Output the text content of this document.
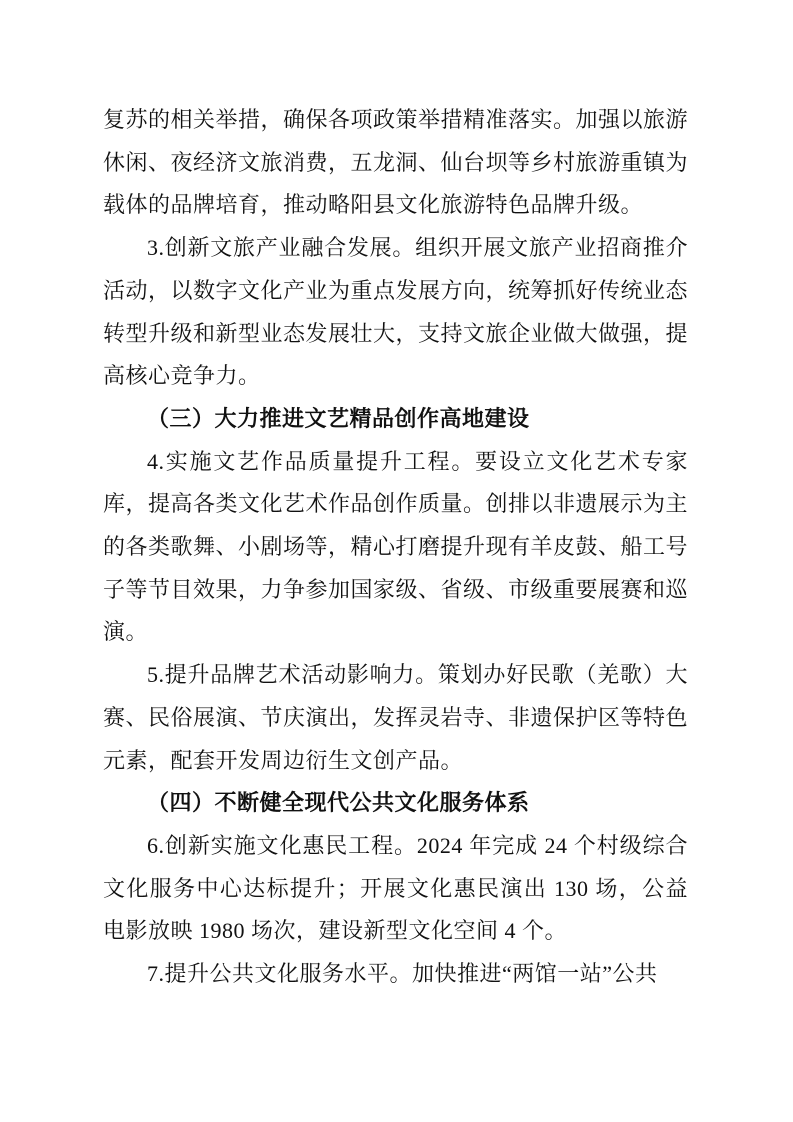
复苏的相关举措，确保各项政策举措精准落实。加强以旅游休闲、夜经济文旅消费，五龙洞、仙台坝等乡村旅游重镇为载体的品牌培育，推动略阳县文化旅游特色品牌升级。

3.创新文旅产业融合发展。组织开展文旅产业招商推介活动，以数字文化产业为重点发展方向，统筹抓好传统业态转型升级和新型业态发展壮大，支持文旅企业做大做强，提高核心竞争力。

（三）大力推进文艺精品创作高地建设

4.实施文艺作品质量提升工程。要设立文化艺术专家库，提高各类文化艺术作品创作质量。创排以非遗展示为主的各类歌舞、小剧场等，精心打磨提升现有羊皮鼓、船工号子等节目效果，力争参加国家级、省级、市级重要展赛和巡演。

5.提升品牌艺术活动影响力。策划办好民歌（羌歌）大赛、民俗展演、节庆演出，发挥灵岩寺、非遗保护区等特色元素，配套开发周边衍生文创产品。

（四）不断健全现代公共文化服务体系

6.创新实施文化惠民工程。2024 年完成 24 个村级综合文化服务中心达标提升；开展文化惠民演出 130 场，公益电影放映 1980 场次，建设新型文化空间 4 个。

7.提升公共文化服务水平。加快推进“两馆一站”公共
